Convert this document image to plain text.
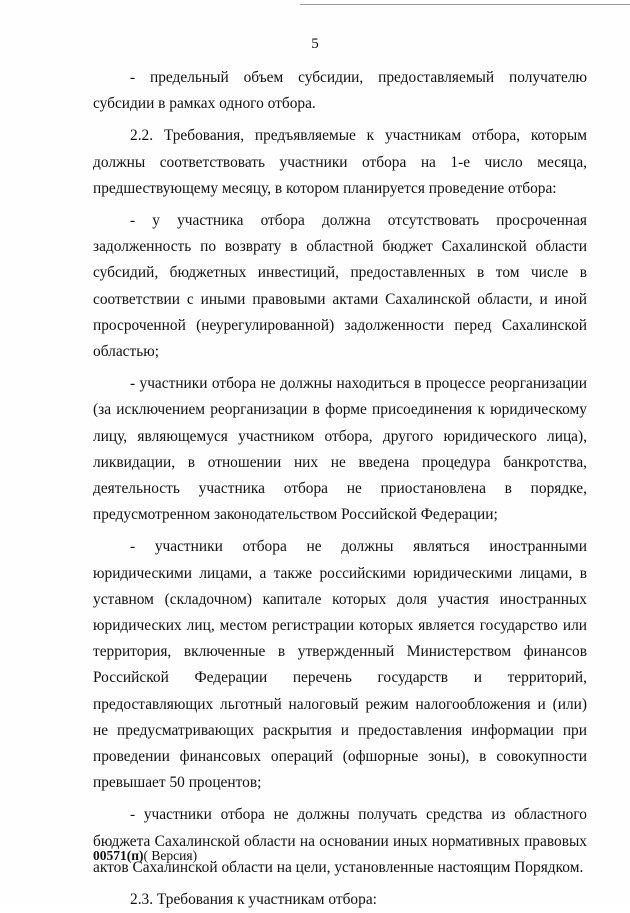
5

- предельный объем субсидии, предоставляемый получателю субсидии в рамках одного отбора.

2.2. Требования, предъявляемые к участникам отбора, которым должны соответствовать участники отбора на 1-е число месяца, предшествующему месяцу, в котором планируется проведение отбора:

- у участника отбора должна отсутствовать просроченная задолженность по возврату в областной бюджет Сахалинской области субсидий, бюджетных инвестиций, предоставленных в том числе в соответствии с иными правовыми актами Сахалинской области, и иной просроченной (неурегулированной) задолженности перед Сахалинской областью;

- участники отбора не должны находиться в процессе реорганизации (за исключением реорганизации в форме присоединения к юридическому лицу, являющемуся участником отбора, другого юридического лица), ликвидации, в отношении них не введена процедура банкротства, деятельность участника отбора не приостановлена в порядке, предусмотренном законодательством Российской Федерации;

- участники отбора не должны являться иностранными юридическими лицами, а также российскими юридическими лицами, в уставном (складочном) капитале которых доля участия иностранных юридических лиц, местом регистрации которых является государство или территория, включенные в утвержденный Министерством финансов Российской Федерации перечень государств и территорий, предоставляющих льготный налоговый режим налогообложения и (или) не предусматривающих раскрытия и предоставления информации при проведении финансовых операций (офшорные зоны), в совокупности превышает 50 процентов;

- участники отбора не должны получать средства из областного бюджета Сахалинской области на основании иных нормативных правовых актов Сахалинской области на цели, установленные настоящим Порядком.

2.3. Требования к участникам отбора:

00571(п)( Версия)
